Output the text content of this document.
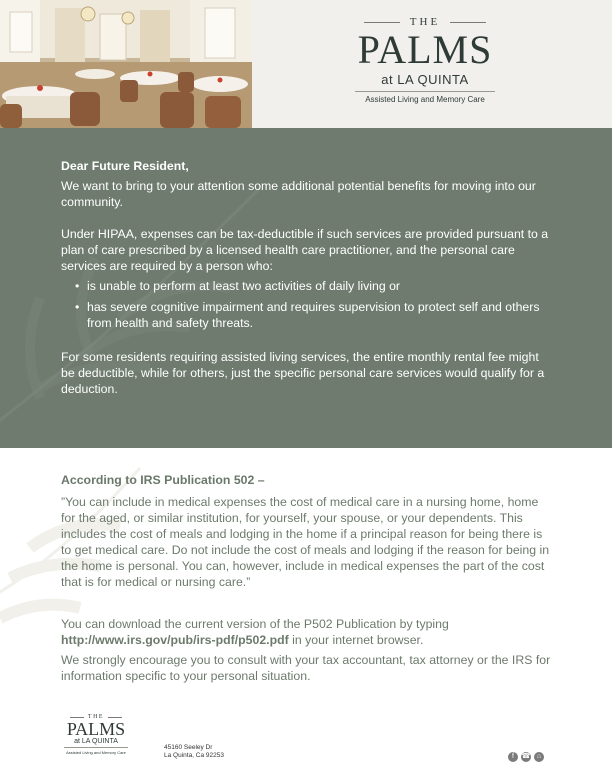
THE
PALMS
at LA QUINTA
Assisted Living and Memory Care

Dear Future Resident,

We want to bring to your attention some additional potential benefits for moving into our community.

Under HIPAA, expenses can be tax-deductible if such services are provided pursuant to a plan of care prescribed by a licensed health care practitioner, and the personal care services are required by a person who:

• is unable to perform at least two activities of daily living or
• has severe cognitive impairment and requires supervision to protect self and others from health and safety threats.

For some residents requiring assisted living services, the entire monthly rental fee might be deductible, while for others, just the specific personal care services would qualify for a deduction.

According to IRS Publication 502 –

”You can include in medical expenses the cost of medical care in a nursing home, home for the aged, or similar institution, for yourself, your spouse, or your dependents. This includes the cost of meals and lodging in the home if a principal reason for being there is to get medical care. Do not include the cost of meals and lodging if the reason for being in the home is personal. You can, however, include in medical expenses the part of the cost that is for medical or nursing care.”

You can download the current version of the P502 Publication by typing
http://www.irs.gov/pub/irs-pdf/p502.pdf in your internet browser.

We strongly encourage you to consult with your tax accountant, tax attorney or the IRS for information specific to your personal situation.

THE
PALMS
at LA QUINTA
Assisted Living and Memory Care
45160 Seeley Dr
La Quinta, Ca 92253	f	☎ ⌂
